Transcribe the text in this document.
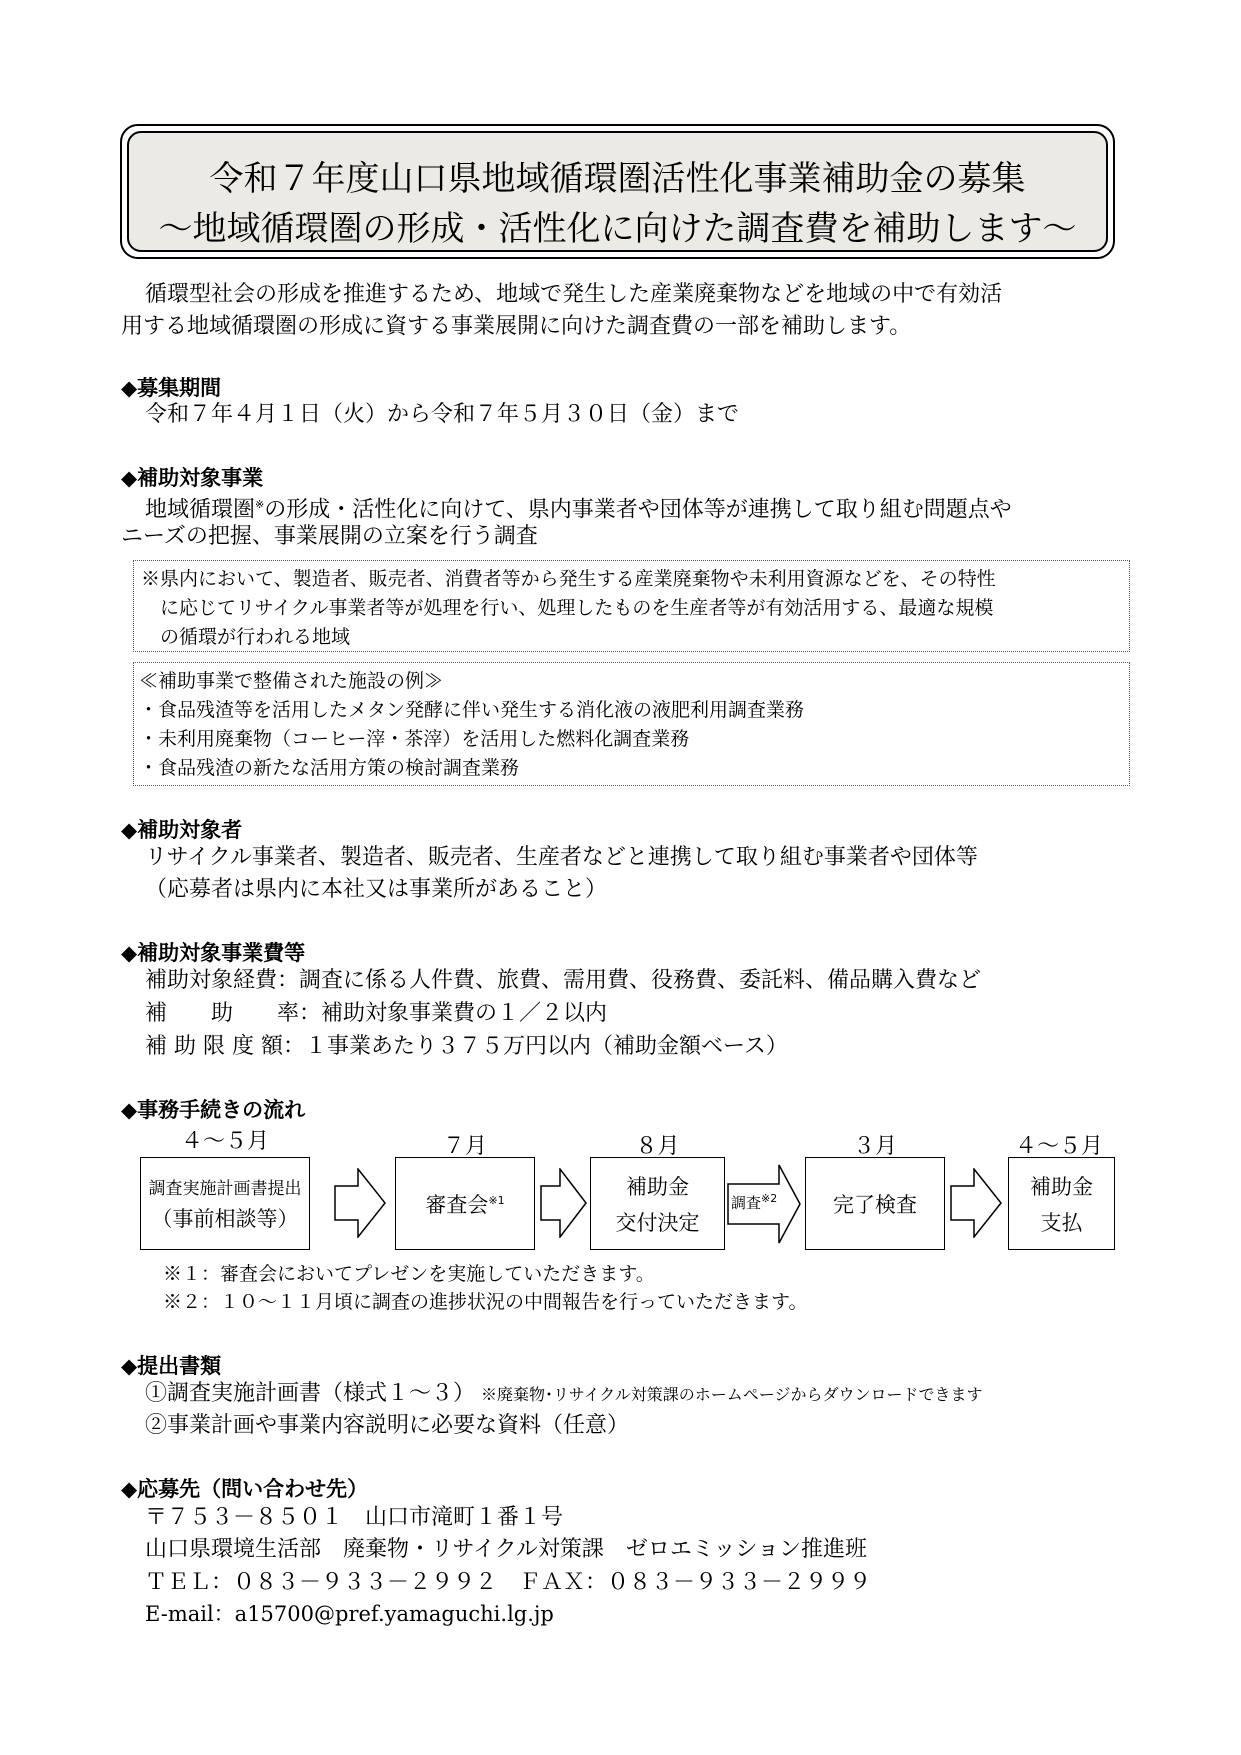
令和７年度山口県地域循環圏活性化事業補助金の募集
～地域循環圏の形成・活性化に向けた調査費を補助します～
循環型社会の形成を推進するため、地域で発生した産業廃棄物などを地域の中で有効活
用する地域循環圏の形成に資する事業展開に向けた調査費の一部を補助します。
◆募集期間
令和７年４月１日（火）から令和７年５月３０日（金）まで
◆補助対象事業
地域循環圏※の形成・活性化に向けて、県内事業者や団体等が連携して取り組む問題点や
ニーズの把握、事業展開の立案を行う調査
※県内において、製造者、販売者、消費者等から発生する産業廃棄物や未利用資源などを、その特性
に応じてリサイクル事業者等が処理を行い、処理したものを生産者等が有効活用する、最適な規模
の循環が行われる地域
≪補助事業で整備された施設の例≫
・食品残渣等を活用したメタン発酵に伴い発生する消化液の液肥利用調査業務
・未利用廃棄物（コーヒー滓・茶滓）を活用した燃料化調査業務
・食品残渣の新たな活用方策の検討調査業務
◆補助対象者
リサイクル事業者、製造者、販売者、生産者などと連携して取り組む事業者や団体等
（応募者は県内に本社又は事業所があること）
◆補助対象事業費等
補助対象経費：調査に係る人件費、旅費、需用費、役務費、委託料、備品購入費など
補　　助　　率：補助対象事業費の１／２以内
補 助 限 度 額：１事業あたり３７５万円以内（補助金額ベース）
◆事務手続きの流れ
４～５月	７月	８月	３月	４～５月
調査実施計画書提出
（事前相談等）
審査会$^{※1}$
補助金
交付決定
調査$^{※2}$	完了検査
補助金
支払
※１：審査会においてプレゼンを実施していただきます。
※２：１０～１１月頃に調査の進捗状況の中間報告を行っていただきます。
◆提出書類
①調査実施計画書（様式１～３） ※廃棄物･リサイクル対策課のホームページからダウンロードできます
②事業計画や事業内容説明に必要な資料（任意）
◆応募先（問い合わせ先）
〒７５３－８５０１　山口市滝町１番１号
山口県環境生活部　廃棄物・リサイクル対策課　ゼロエミッション推進班
ＴＥＬ：０８３－９３３－２９９２　ＦＡＸ：０８３－９３３－２９９９
E-mail：a15700@pref.yamaguchi.lg.jp
